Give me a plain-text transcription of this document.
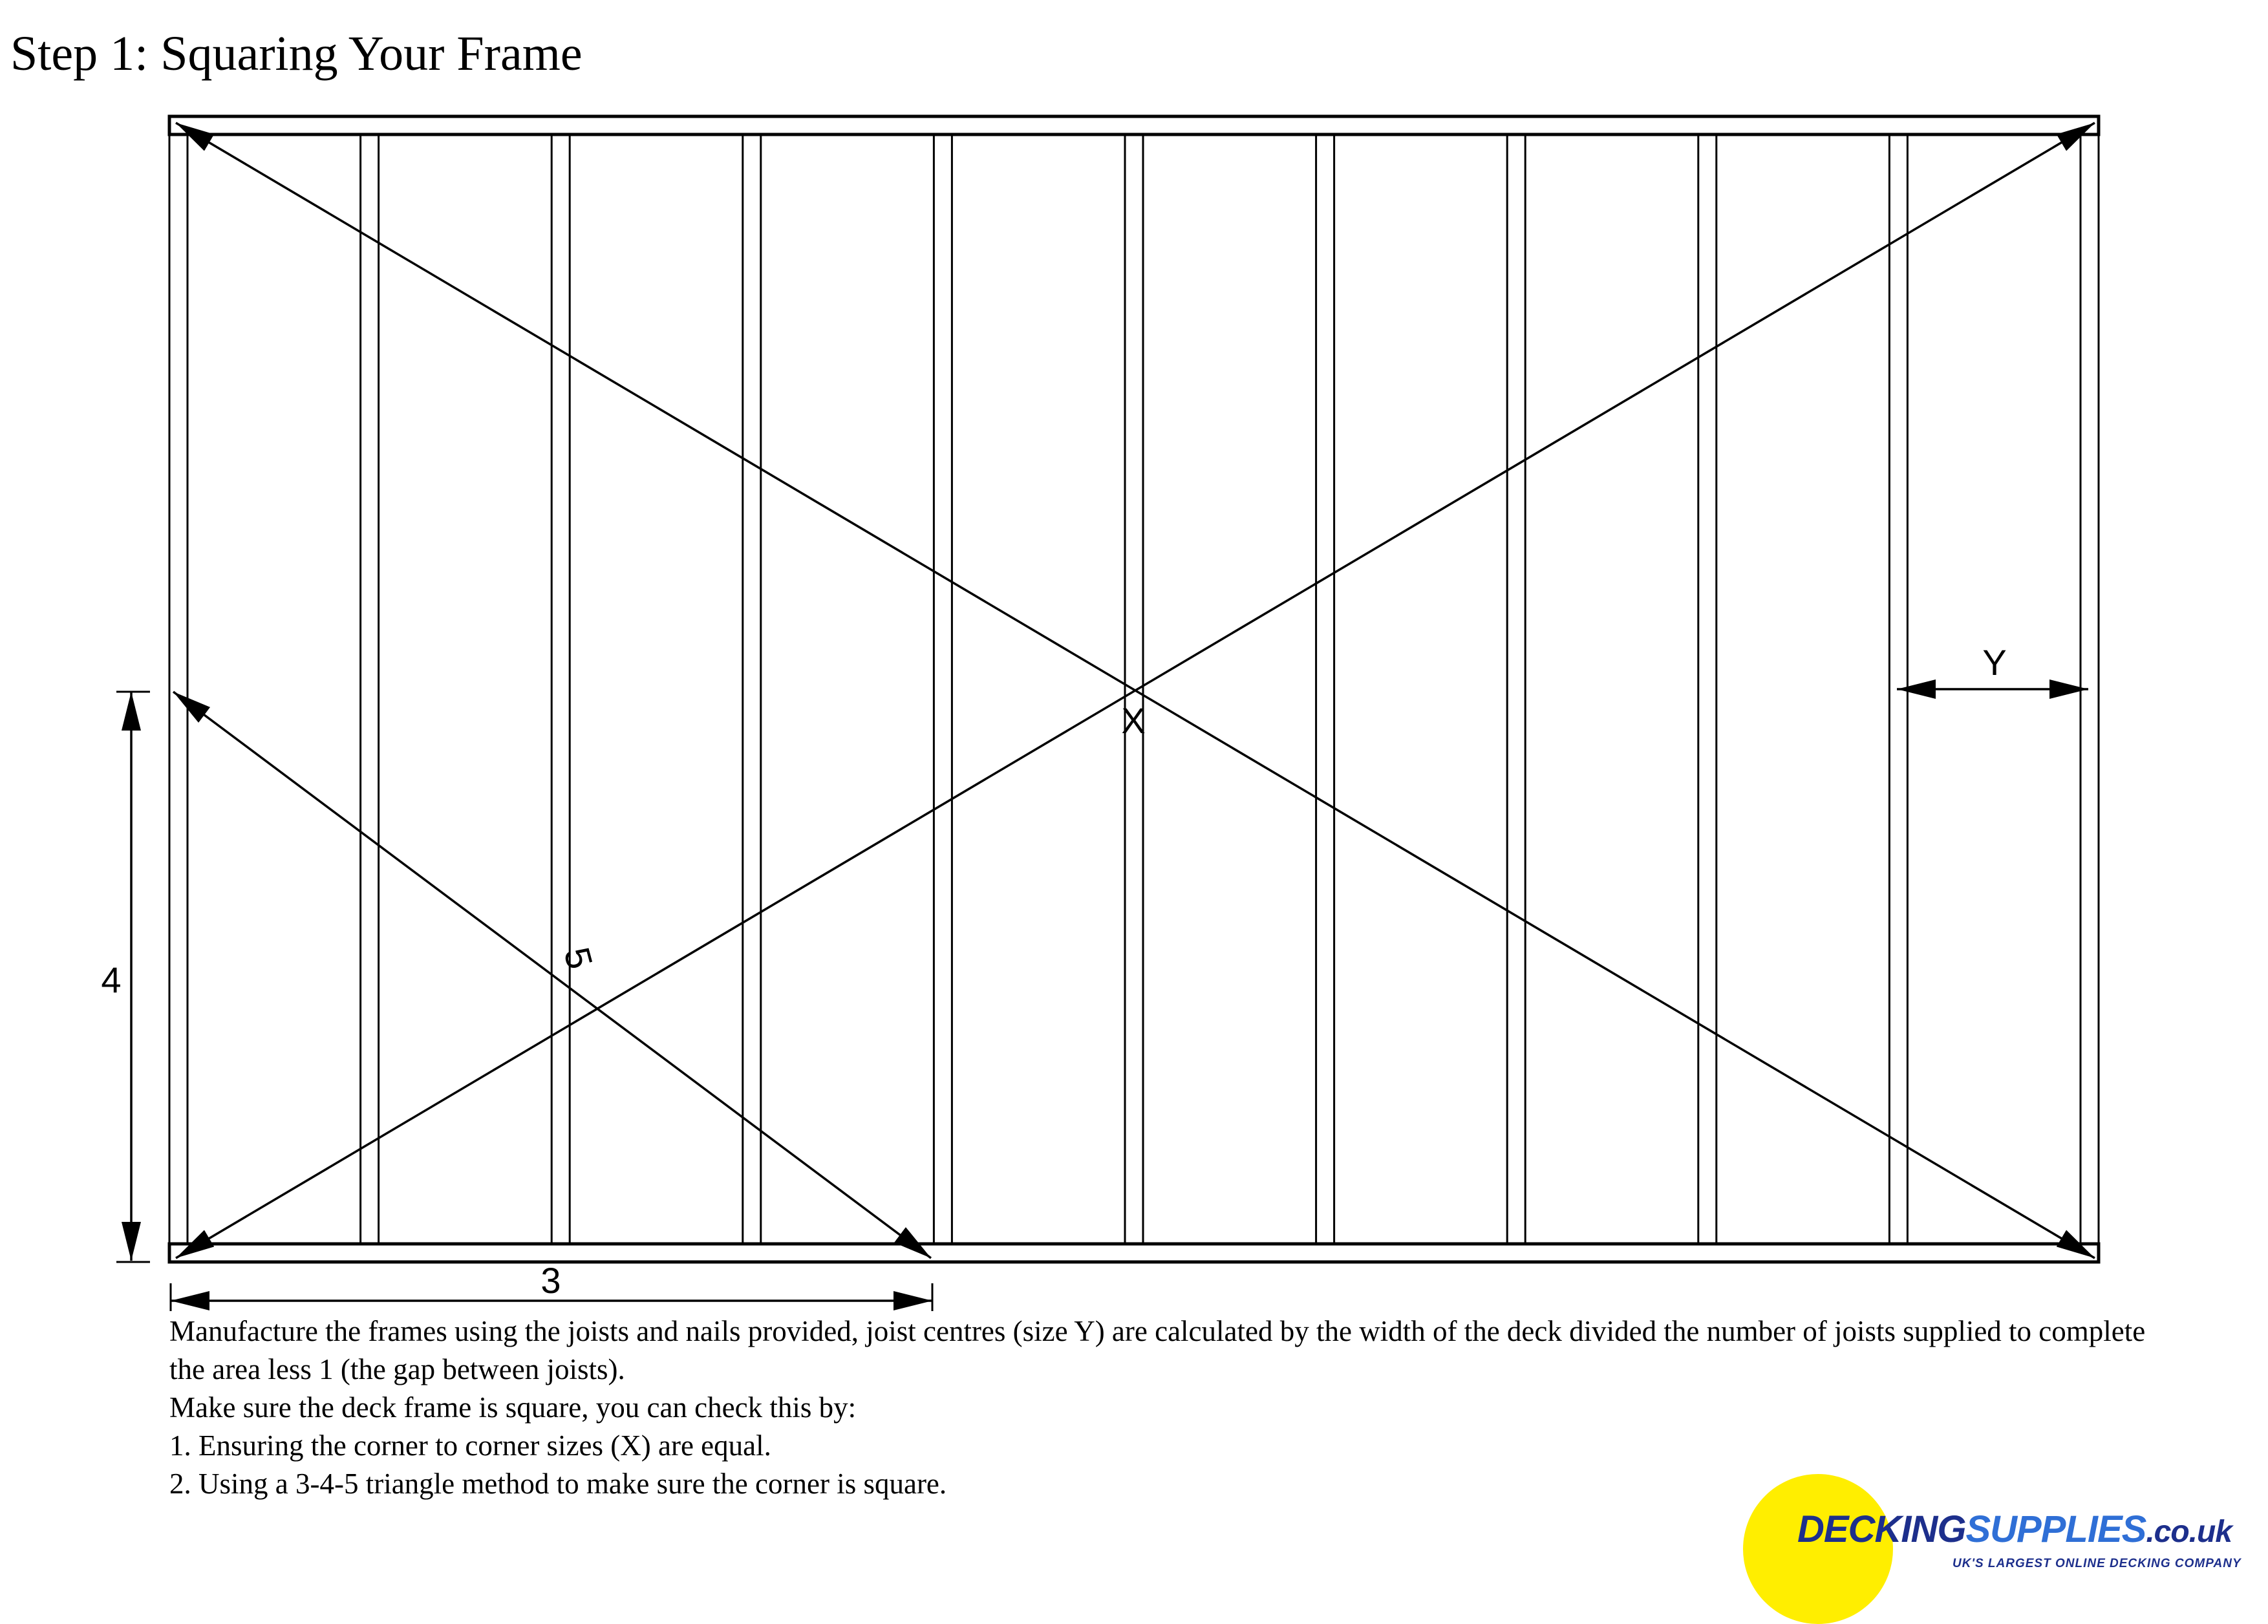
Step 1: Squaring Your Frame
X
Y
4
3
5

Manufacture the frames using the joists and nails provided, joist centres (size Y) are calculated by the width of the deck divided the number of joists supplied to complete the area less 1 (the gap between joists).

Make sure the deck frame is square, you can check this by:

1. Ensuring the corner to corner sizes (X) are equal.

2. Using a 3-4-5 triangle method to make sure the corner is square.

DECKINGSUPPLIES.co.uk
UK'S LARGEST ONLINE DECKING COMPANY
